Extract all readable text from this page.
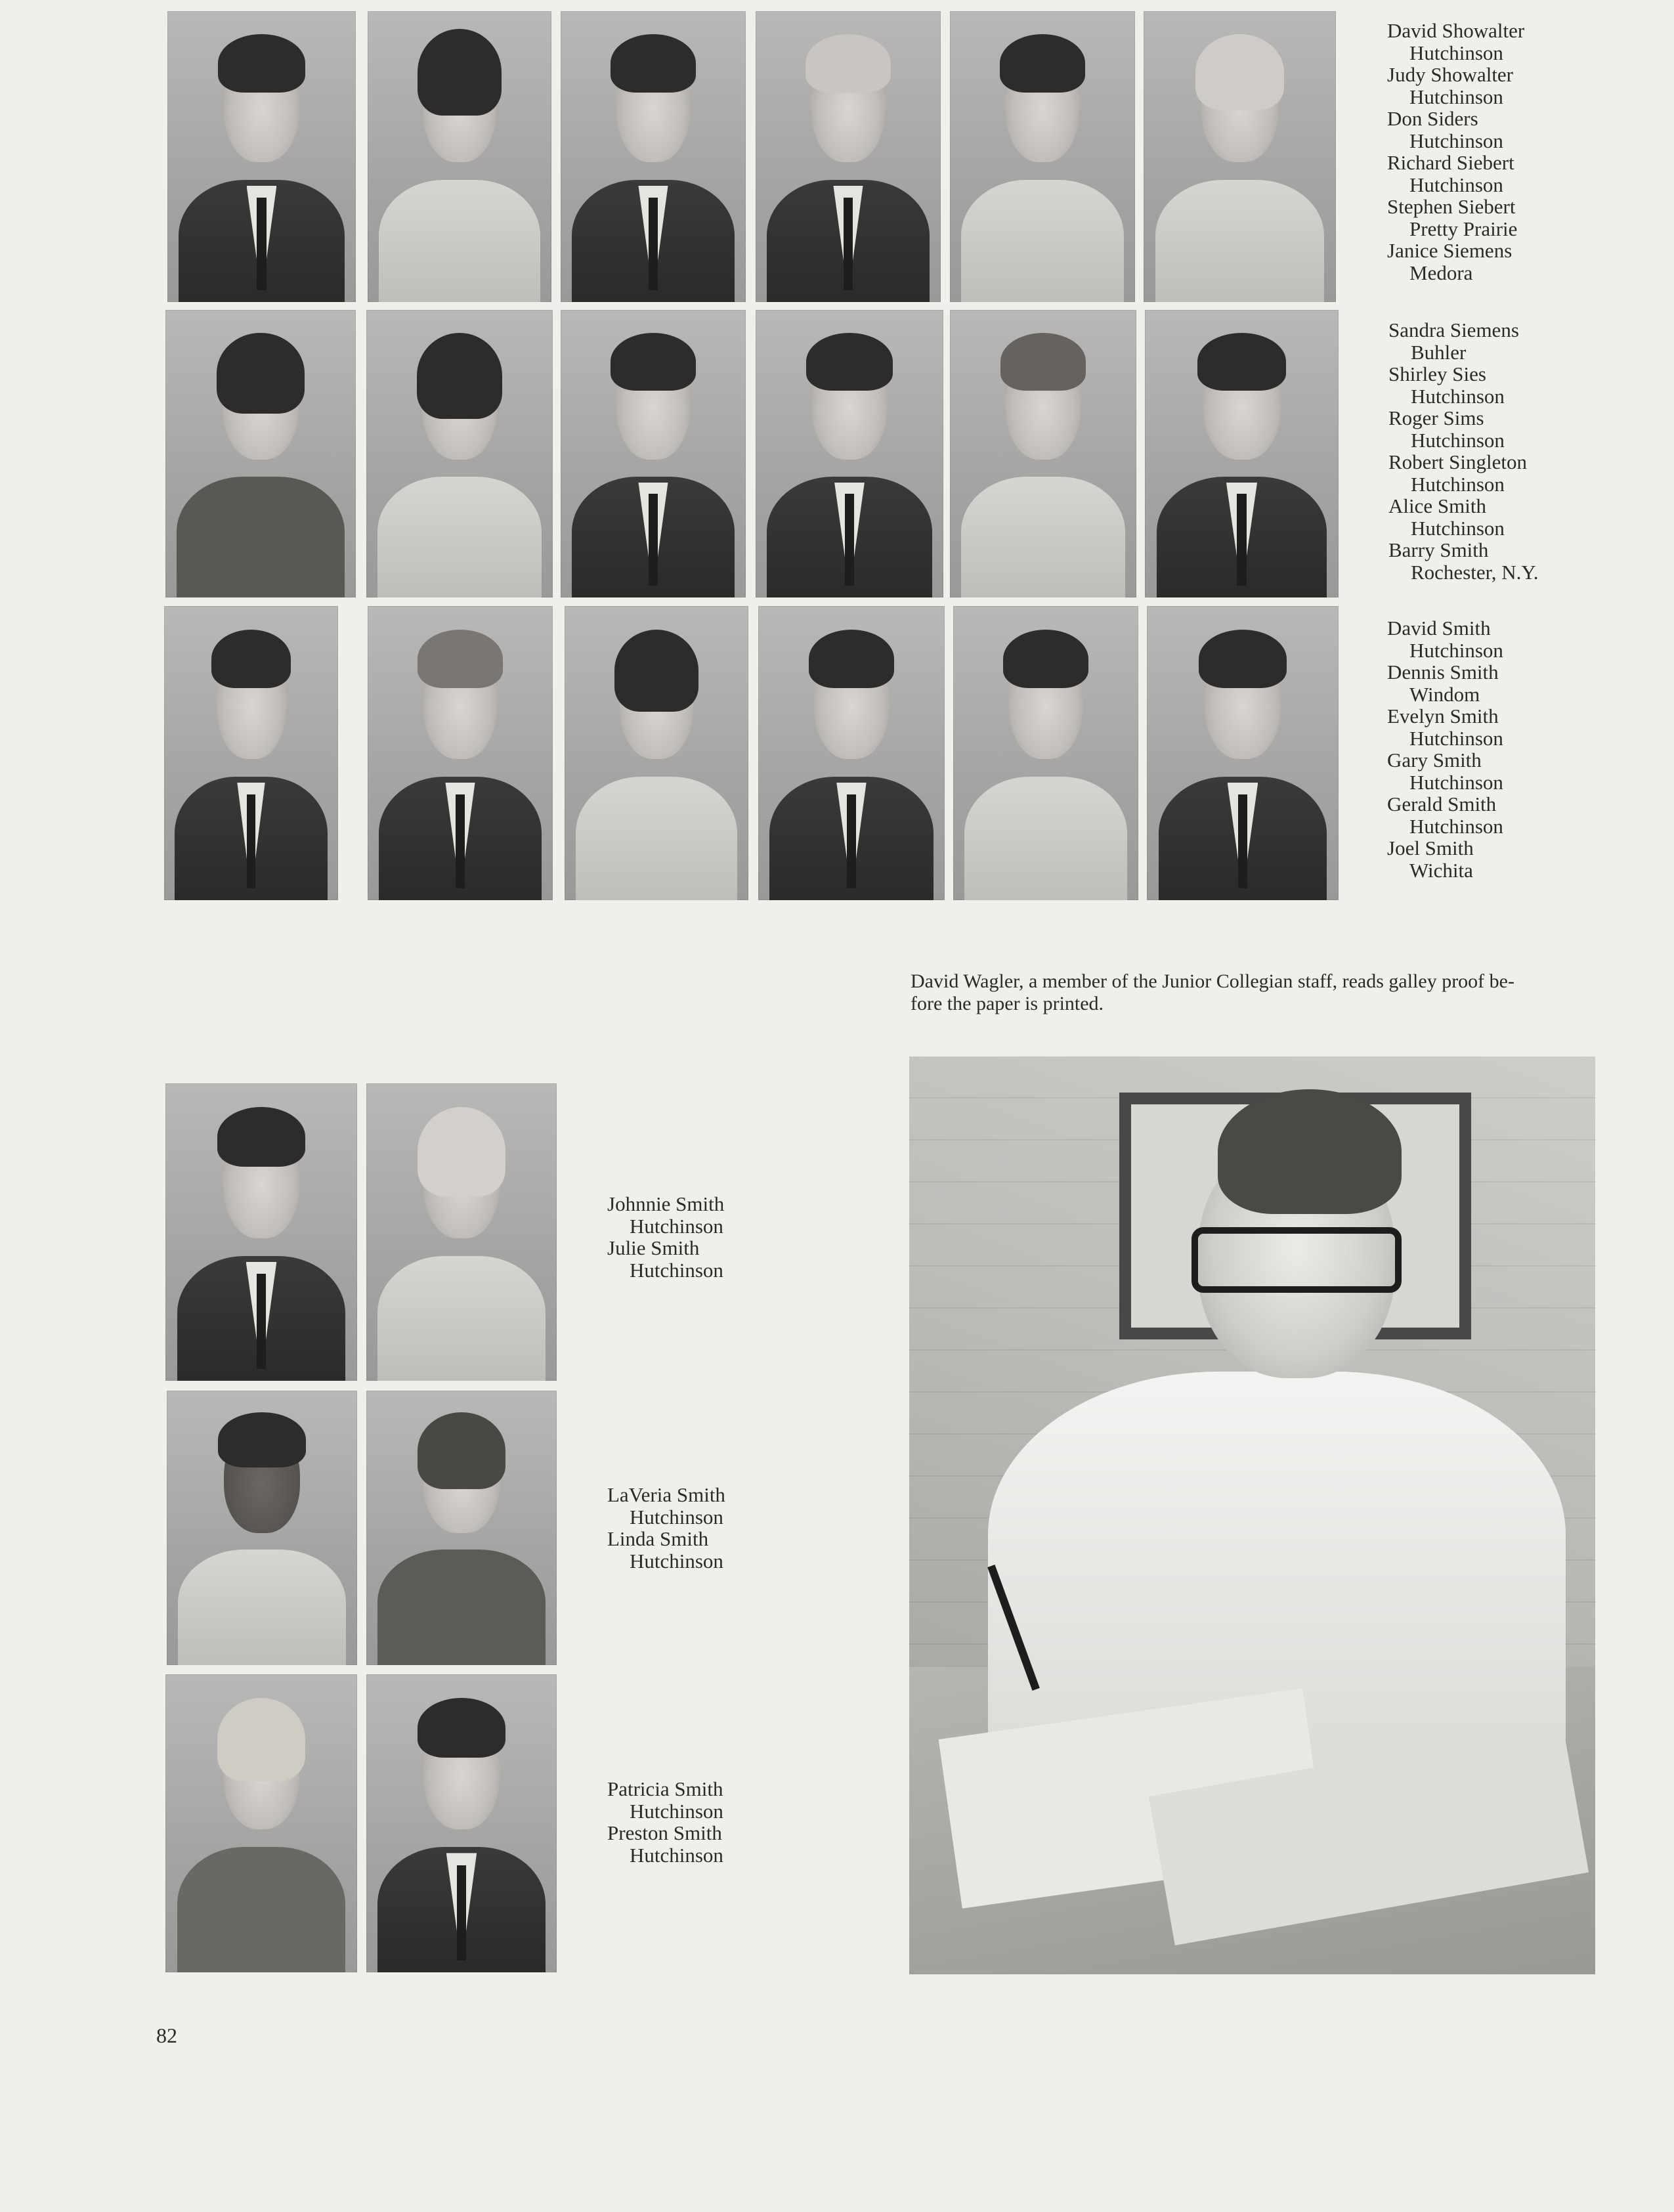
David Showalter
Hutchinson
Judy Showalter
Hutchinson
Don Siders
Hutchinson
Richard Siebert
Hutchinson
Stephen Siebert
Pretty Prairie
Janice Siemens
Medora
Sandra Siemens
Buhler
Shirley Sies
Hutchinson
Roger Sims
Hutchinson
Robert Singleton
Hutchinson
Alice Smith
Hutchinson
Barry Smith
Rochester, N.Y.
David Smith
Hutchinson
Dennis Smith
Windom
Evelyn Smith
Hutchinson
Gary Smith
Hutchinson
Gerald Smith
Hutchinson
Joel Smith
Wichita
David Wagler, a member of the Junior Collegian staff, reads galley proof be-
fore the paper is printed.
Johnnie Smith
Hutchinson
Julie Smith
Hutchinson
LaVeria Smith
Hutchinson
Linda Smith
Hutchinson
Patricia Smith
Hutchinson
Preston Smith
Hutchinson
82
